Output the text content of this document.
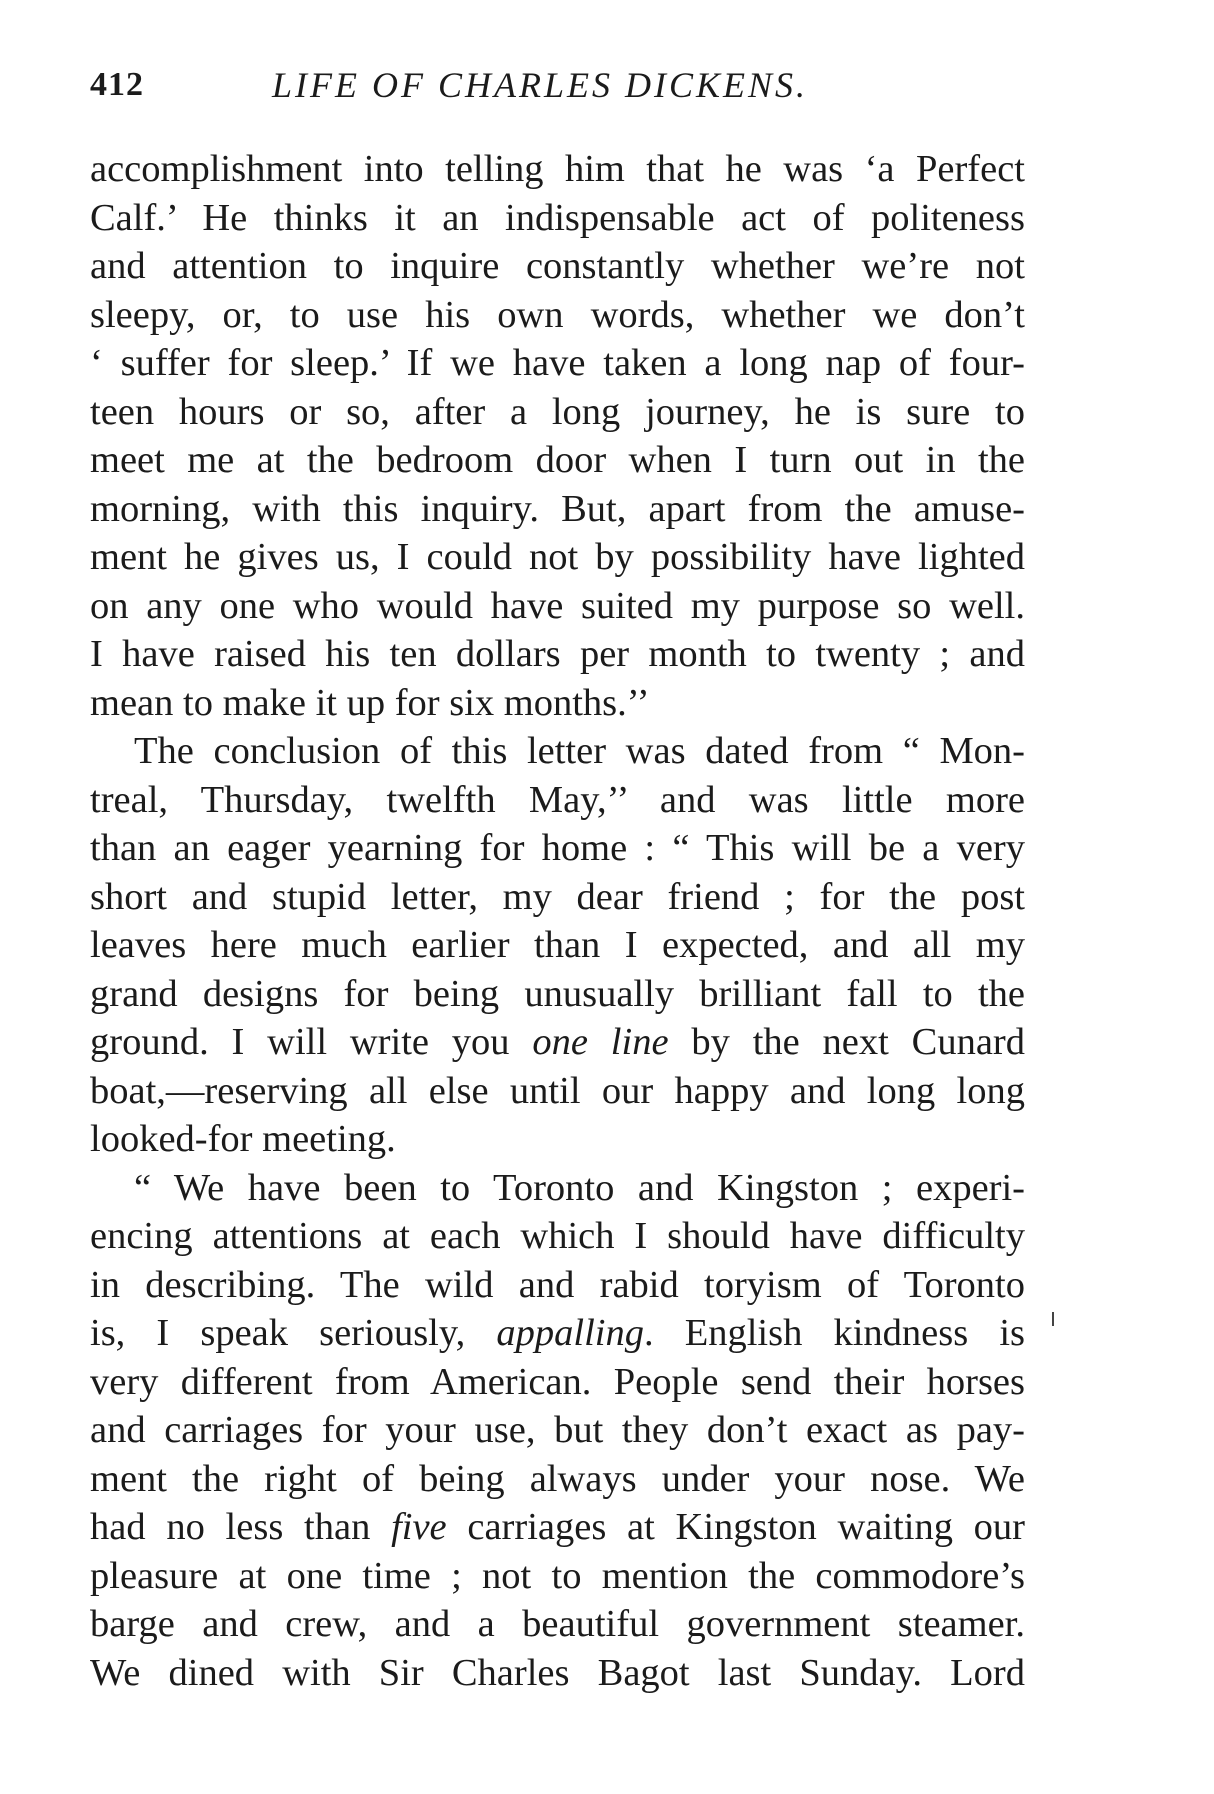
412	LIFE OF CHARLES DICKENS.
accomplishment into telling him that he was ‘a Perfect
Calf.’ He thinks it an indispensable act of politeness
and attention to inquire constantly whether we’re not
sleepy, or, to use his own words, whether we don’t
‘ suffer for sleep.’ If we have taken a long nap of four-
teen hours or so, after a long journey, he is sure to
meet me at the bedroom door when I turn out in the
morning, with this inquiry. But, apart from the amuse-
ment he gives us, I could not by possibility have lighted
on any one who would have suited my purpose so well.
I have raised his ten dollars per month to twenty ; and
mean to make it up for six months.’’
The conclusion of this letter was dated from “ Mon-
treal, Thursday, twelfth May,’’ and was little more
than an eager yearning for home : “ This will be a very
short and stupid letter, my dear friend ; for the post
leaves here much earlier than I expected, and all my
grand designs for being unusually brilliant fall to the
ground. I will write you one line by the next Cunard
boat,—reserving all else until our happy and long long
looked-for meeting.
“ We have been to Toronto and Kingston ; experi-
encing attentions at each which I should have difficulty
in describing. The wild and rabid toryism of Toronto
is, I speak seriously, appalling. English kindness is
very different from American. People send their horses
and carriages for your use, but they don’t exact as pay-
ment the right of being always under your nose. We
had no less than five carriages at Kingston waiting our
pleasure at one time ; not to mention the commodore’s
barge and crew, and a beautiful government steamer.
We dined with Sir Charles Bagot last Sunday. Lord
